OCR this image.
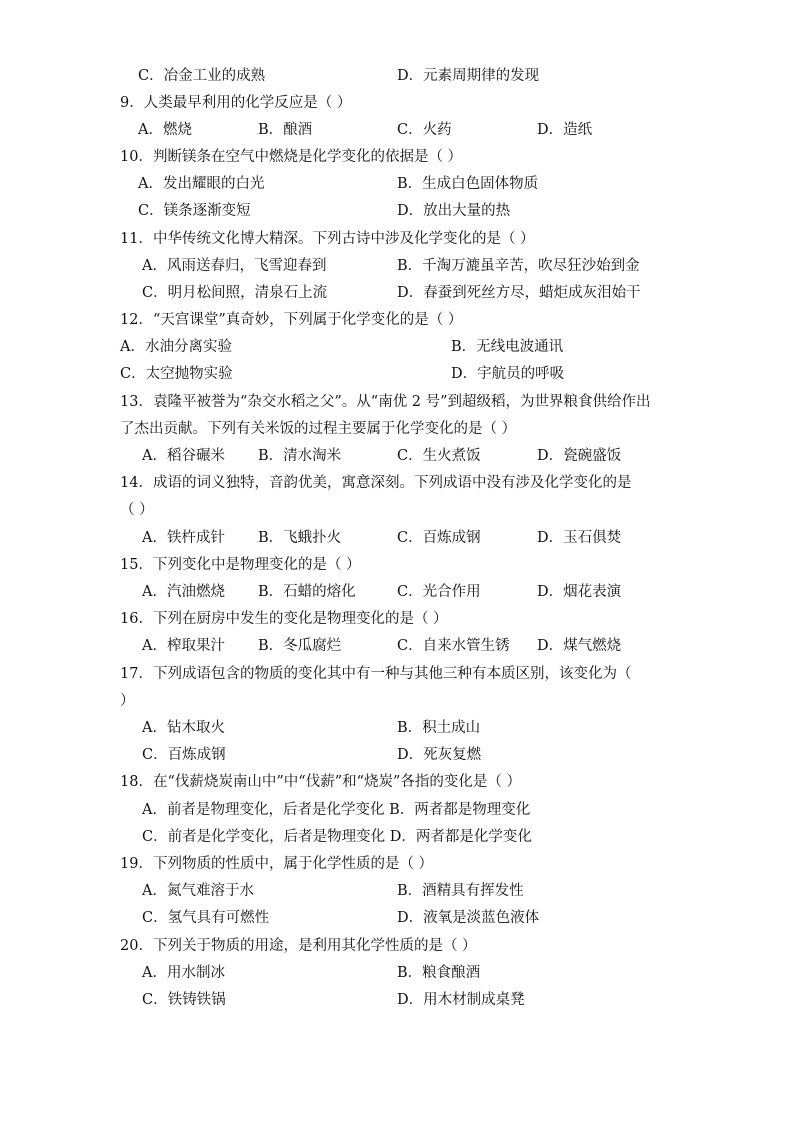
C．冶金工业的成熟	D．元素周期律的发现
9．人类最早利用的化学反应是（ ）
A．燃烧	B．酿酒	C．火药	D．造纸
10．判断镁条在空气中燃烧是化学变化的依据是（ ）
A．发出耀眼的白光	B．生成白色固体物质
C．镁条逐渐变短	D．放出大量的热
11．中华传统文化博大精深。下列古诗中涉及化学变化的是（ ）
A．风雨送春归，飞雪迎春到	B．千淘万漉虽辛苦，吹尽狂沙始到金
C．明月松间照，清泉石上流	D．春蚕到死丝方尽，蜡炬成灰泪始干
12．“天宫课堂”真奇妙，下列属于化学变化的是（ ）
A．水油分离实验	B．无线电波通讯
C．太空抛物实验	D．宇航员的呼吸
13．袁隆平被誉为“杂交水稻之父”。从“南优 2 号”到超级稻，为世界粮食供给作出
了杰出贡献。下列有关米饭的过程主要属于化学变化的是（ ）
A．稻谷碾米 B．清水淘米	C．生火煮饭	D．瓷碗盛饭
14．成语的词义独特，音韵优美，寓意深刻。下列成语中没有涉及化学变化的是
（ ）
A．铁杵成针 B．飞蛾扑火	C．百炼成钢	D．玉石俱焚
15．下列变化中是物理变化的是（ ）
A．汽油燃烧 B．石蜡的熔化	C．光合作用	D．烟花表演
16．下列在厨房中发生的变化是物理变化的是（ ）
A．榨取果汁 B．冬瓜腐烂	C．自来水管生锈 D．煤气燃烧
17．下列成语包含的物质的变化其中有一种与其他三种有本质区别，该变化为（
）
A．钻木取火	B．积土成山
C．百炼成钢	D．死灰复燃
18．在“伐薪烧炭南山中”中“伐薪”和“烧炭”各指的变化是（ ）
A．前者是物理变化，后者是化学变化 B．两者都是物理变化
C．前者是化学变化，后者是物理变化 D．两者都是化学变化
19．下列物质的性质中，属于化学性质的是（ ）
A．氮气难溶于水	B．酒精具有挥发性
C．氢气具有可燃性	D．液氧是淡蓝色液体
20．下列关于物质的用途，是利用其化学性质的是（ ）
A．用水制冰	B．粮食酿酒
C．铁铸铁锅	D．用木材制成桌凳
